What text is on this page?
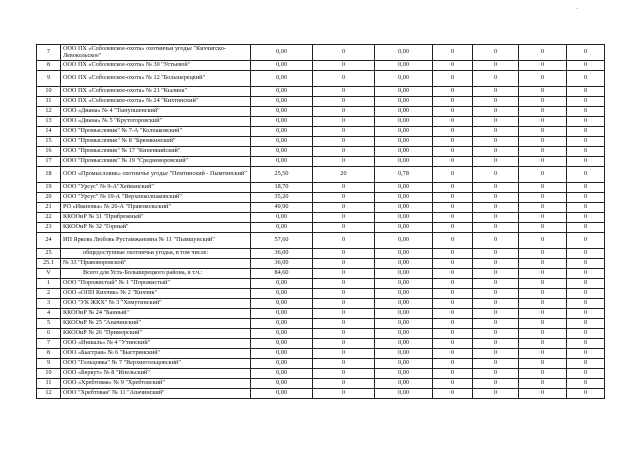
-
7	ООО ПХ «Соболевское-охота» охотничьи угодье "Кихчигско-Левокольское"	0,00	0	0,00	0	0	0	0
8	ООО ПХ «Соболевское-охота» № 30 "Устьевой"	0,00	0	0,00	0	0	0	0
9	ООО ПХ «Соболевское-охота» № 12 "Большерецкий"	0,00	0	0,00	0	0	0	0
10	ООО ПХ «Соболевское-охота» № 21 "Кылина"	0,00	0	0,00	0	0	0	0
11	ООО ПХ «Соболевское-охота» № 24 "Кихтинский"	0,00	0	0,00	0	0	0	0
12	ООО «Диана» № 4 "Тынупшенский"	0,00	0	0,00	0	0	0	0
13	ООО «Диана» № 5 "Крутогоровский"	0,00	0	0,00	0	0	0	0
14	ООО "Промысловик" № 7-А "Колпаковский"	0,00	0	0,00	0	0	0	0
15	ООО "Промысловик" № 8 "Брюмкинский"	0,00	0	0,00	0	0	0	0
16	ООО "Промысловик" № 17 "Киненкийский"	0,00	0	0,00	0	0	0	0
17	ООО "Промысловик" № 19 "Средневоровский"	0,00	0	0,00	0	0	0	0
18	ООО «Промысловик» охотничье угодье "Пемтинский - Пымтинский"	25,50	20	0,78	0	0	0	0
19	ООО "Урсус" № 9-А"Хейванский"	18,70	0	0,00	0	0	0	0
20	ООО "Урсус" № 10-А "Верхнеколпаковский"	35,20	0	0,00	0	0	0	0
21	РО «Ивановы» № 26-А "Правокольский"	49,90	0	0,00	0	0	0	0
22	ККООиР № 31 "Прибрежный"	0,00	0	0,00	0	0	0	0
23	ККООиР № 32 "Горный"	0,00	0	0,00	0	0	0	0
24	ИП Яркова Любовь Рустамжановна № 11 "Пымшунский"	57,60	0	0,00	0	0	0	0
25	общедоступные охотничьи угодья, в том числе:	36,00	0	0,00	0	0	0	0
25.1	№ 33 "Правоворовской"	36,00	0	0,00	0	0	0	0
V	Всего для Усть-Большерецкого района, в т.ч.:	84,60	0	0,00	0	0	0	0
1	ООО "Порожистый" № 1 "Порожистый"	0,00	0	0,00	0	0	0	0
2	ООО «ОПП Кихчик» № 2 "Кихчик"	0,00	0	0,00	0	0	0	0
3	ООО "УК ЖКХ" № 3 "Хомутинский"	0,00	0	0,00	0	0	0	0
4	ККООиР № 24 "Банный"	0,00	0	0,00	0	0	0	0
5	ККООиР № 25 "Апачинский"	0,00	0	0,00	0	0	0	0
6	ККООиР № 26 "Приморский"	0,00	0	0,00	0	0	0	0
7	ООО «Иншаль» № 4 "Утинский"	0,00	0	0,00	0	0	0	0
8	ООО «Быстрая» № 6 "Быстринский"	0,00	0	0,00	0	0	0	0
9	ООО "Гольцовка" № 7 "Верхнегольцовский"	0,00	0	0,00	0	0	0	0
10	ООО «Беркут» № 8 "Ипельский"	0,00	0	0,00	0	0	0	0
11	ООО «Хребтовая» № 9 "Хребтовский"	0,00	0	0,00	0	0	0	0
12	ООО "Хребтовая" № 11 "Апачинский"	0,00	0	0,00	0	0	0	0
